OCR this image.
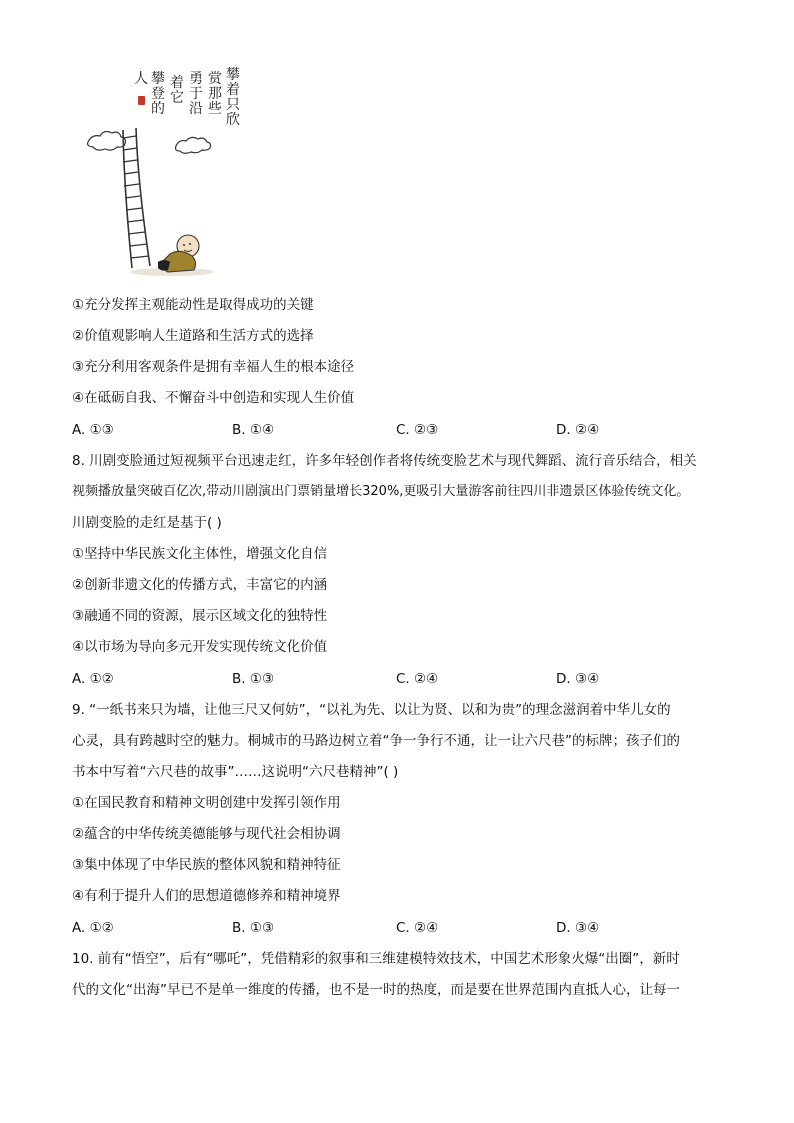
攀
着
只
欣
赏
那
些
勇
于
沿
着
它
攀
登
的
人
①充分发挥主观能动性是取得成功的关键
②价值观影响人生道路和生活方式的选择
③充分利用客观条件是拥有幸福人生的根本途径
④在砥砺自我、不懈奋斗中创造和实现人生价值
A. ①③	B. ①④	C. ②③	D. ②④
8. 川剧变脸通过短视频平台迅速走红，许多年轻创作者将传统变脸艺术与现代舞蹈、流行音乐结合，相关
视频播放量突破百亿次,带动川剧演出门票销量增长320%,更吸引大量游客前往四川非遗景区体验传统文化。
川剧变脸的走红是基于( )
①坚持中华民族文化主体性，增强文化自信
②创新非遗文化的传播方式，丰富它的内涵
③融通不同的资源，展示区域文化的独特性
④以市场为导向多元开发实现传统文化价值
A. ①②	B. ①③	C. ②④	D. ③④
9. “一纸书来只为墙，让他三尺又何妨”，“以礼为先、以让为贤、以和为贵”的理念滋润着中华儿女的
心灵，具有跨越时空的魅力。桐城市的马路边树立着“争一争行不通，让一让六尺巷”的标牌；孩子们的
书本中写着“六尺巷的故事”……这说明“六尺巷精神”( )
①在国民教育和精神文明创建中发挥引领作用
②蕴含的中华传统美德能够与现代社会相协调
③集中体现了中华民族的整体风貌和精神特征
④有利于提升人们的思想道德修养和精神境界
A. ①②	B. ①③	C. ②④	D. ③④
10. 前有“悟空”，后有“哪吒”，凭借精彩的叙事和三维建模特效技术，中国艺术形象火爆“出圈”，新时
代的文化“出海”早已不是单一维度的传播，也不是一时的热度，而是要在世界范围内直抵人心，让每一
